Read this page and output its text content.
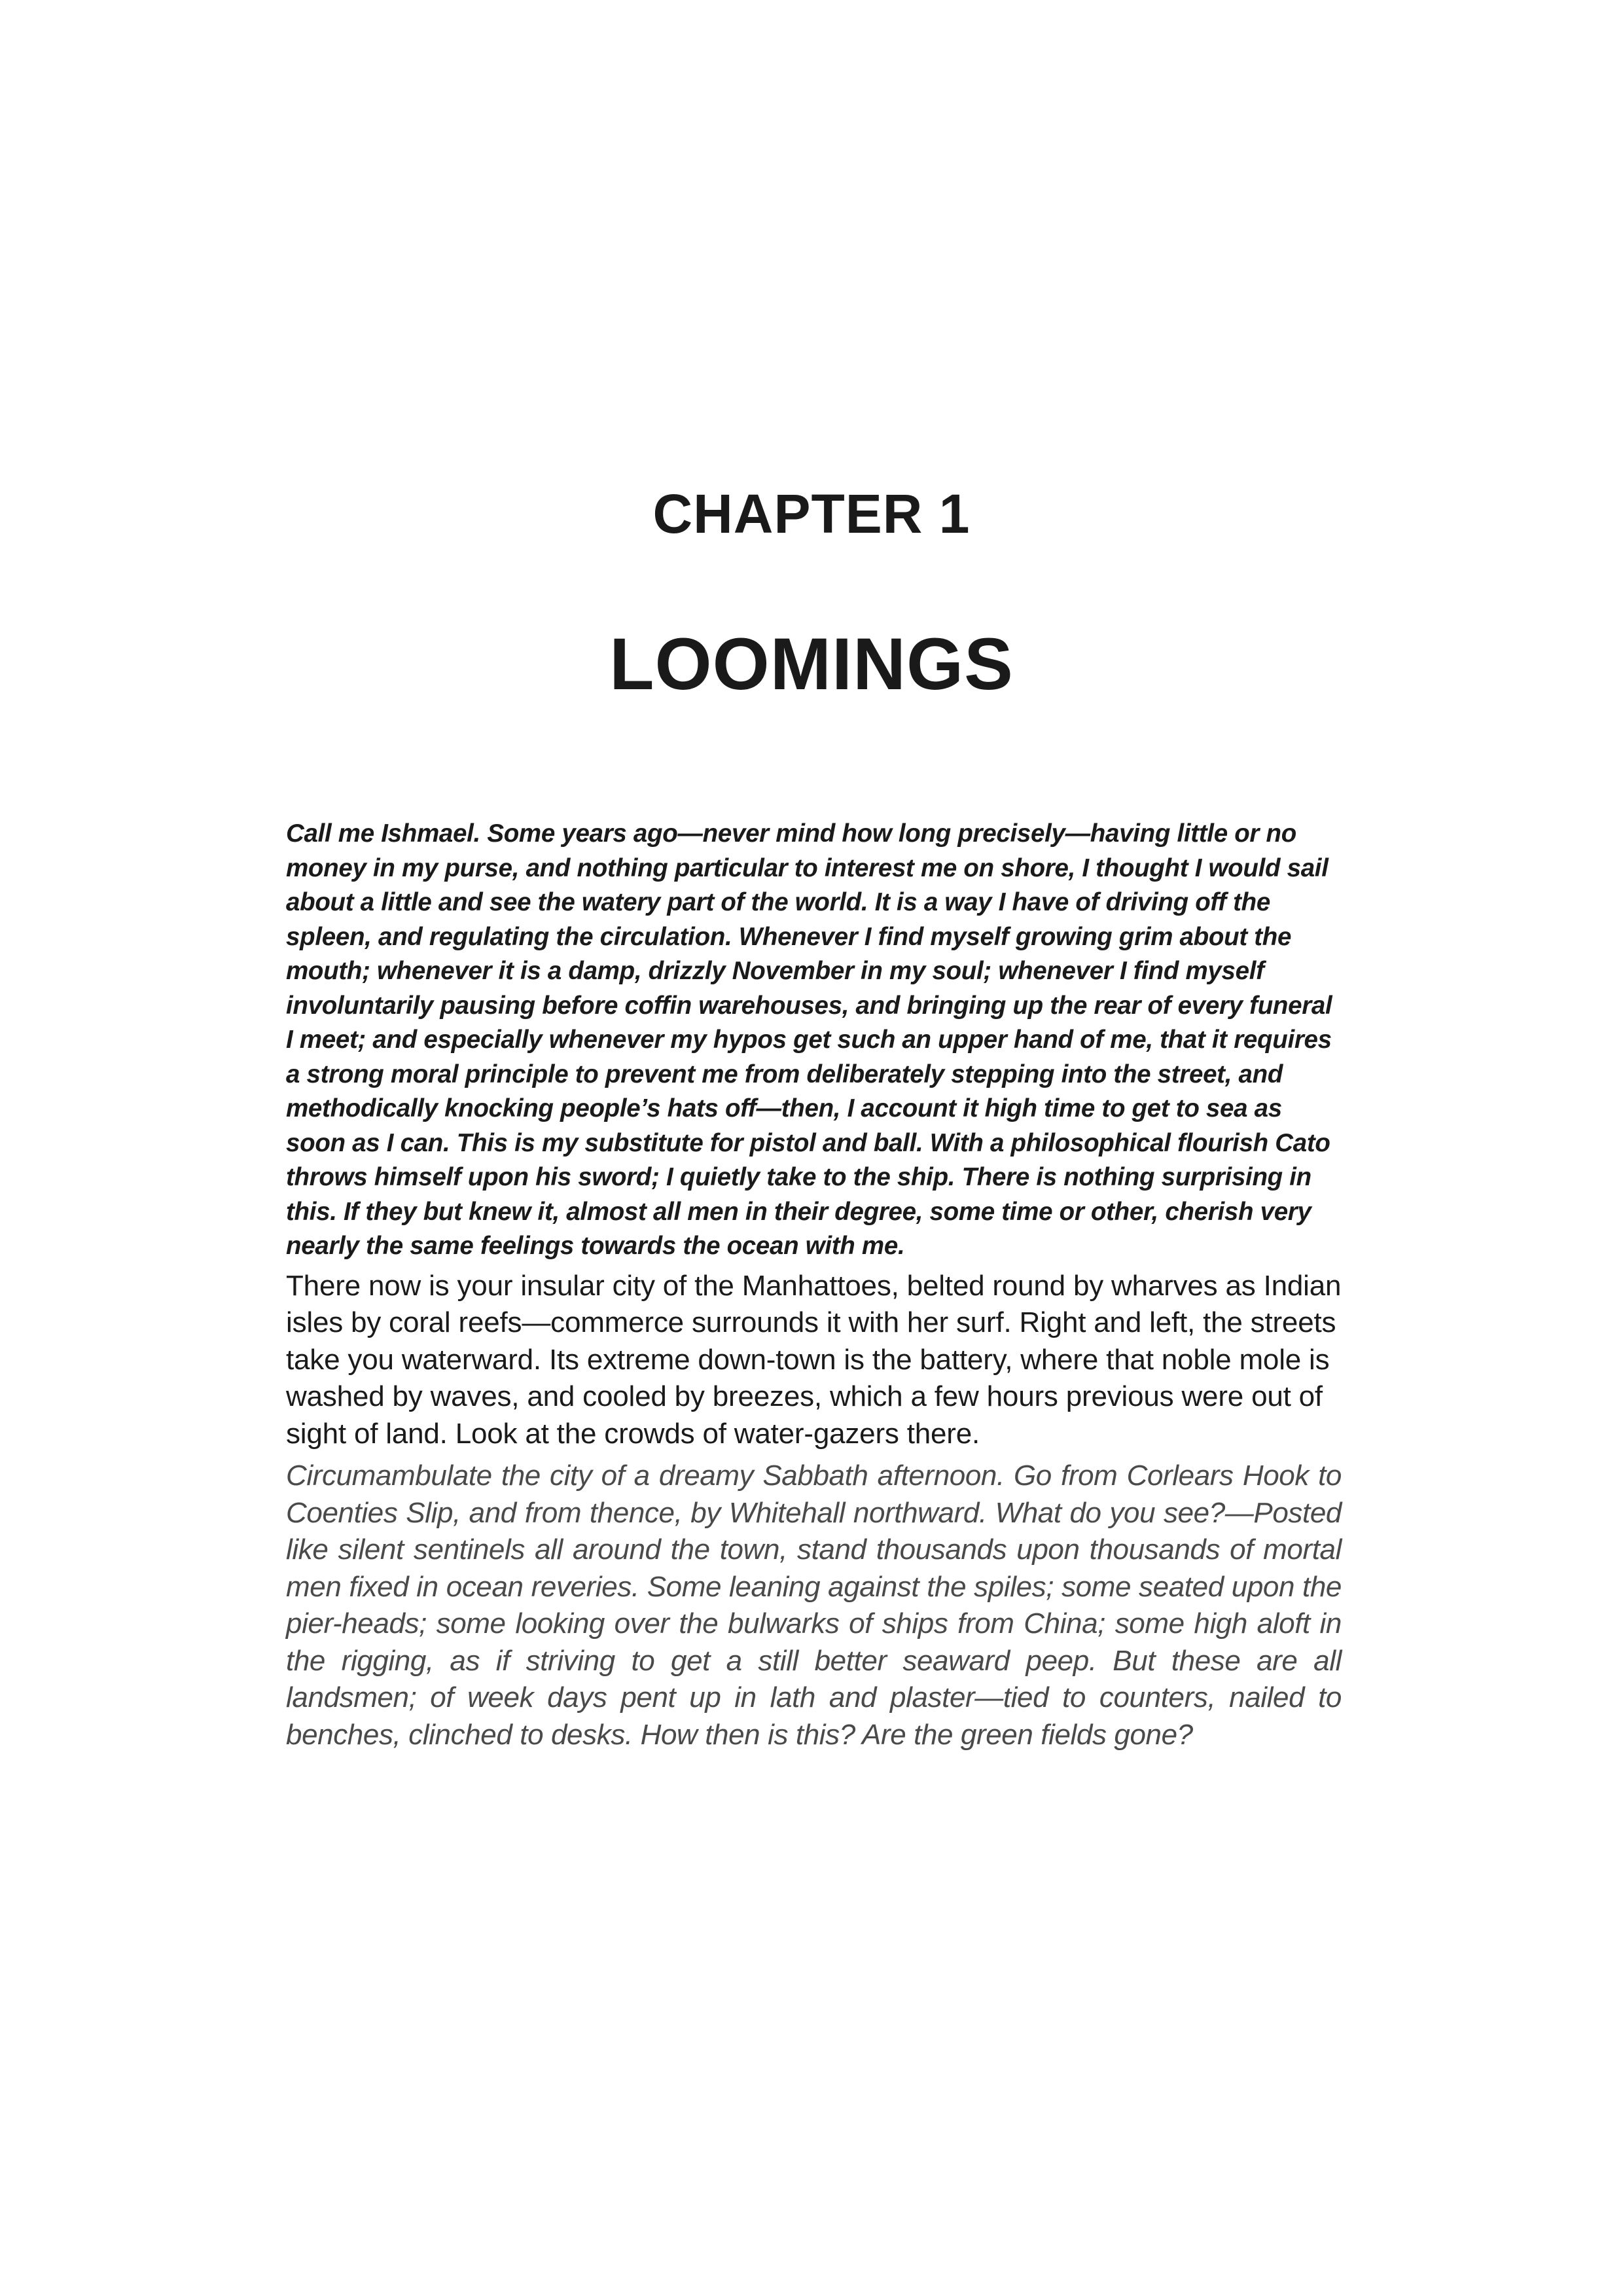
CHAPTER 1
LOOMINGS

Call me Ishmael. Some years ago—never mind how long precisely—having little or no money in my purse, and nothing particular to interest me on shore, I thought I would sail about a little and see the watery part of the world. It is a way I have of driving off the spleen, and regulating the circulation. Whenever I find myself growing grim about the mouth; whenever it is a damp, drizzly November in my soul; whenever I find myself involuntarily pausing before coffin warehouses, and bringing up the rear of every funeral I meet; and especially whenever my hypos get such an upper hand of me, that it requires a strong moral principle to prevent me from deliberately stepping into the street, and methodically knocking people’s hats off—then, I account it high time to get to sea as soon as I can. This is my substitute for pistol and ball. With a philosophical flourish Cato throws himself upon his sword; I quietly take to the ship. There is nothing surprising in this. If they but knew it, almost all men in their degree, some time or other, cherish very nearly the same feelings towards the ocean with me.

There now is your insular city of the Manhattoes, belted round by wharves as Indian isles by coral reefs—commerce surrounds it with her surf. Right and left, the streets take you waterward. Its extreme down-town is the battery, where that noble mole is washed by waves, and cooled by breezes, which a few hours previous were out of sight of land. Look at the crowds of water-gazers there.

Circumambulate the city of a dreamy Sabbath afternoon. Go from Corlears Hook to Coenties Slip, and from thence, by Whitehall northward. What do you see?—Posted like silent sentinels all around the town, stand thousands upon thousands of mortal men fixed in ocean reveries. Some leaning against the spiles; some seated upon the pier-heads; some looking over the bulwarks of ships from China; some high aloft in the rigging, as if striving to get a still better seaward peep. But these are all landsmen; of week days pent up in lath and plaster—tied to counters, nailed to benches, clinched to desks. How then is this? Are the green fields gone?
